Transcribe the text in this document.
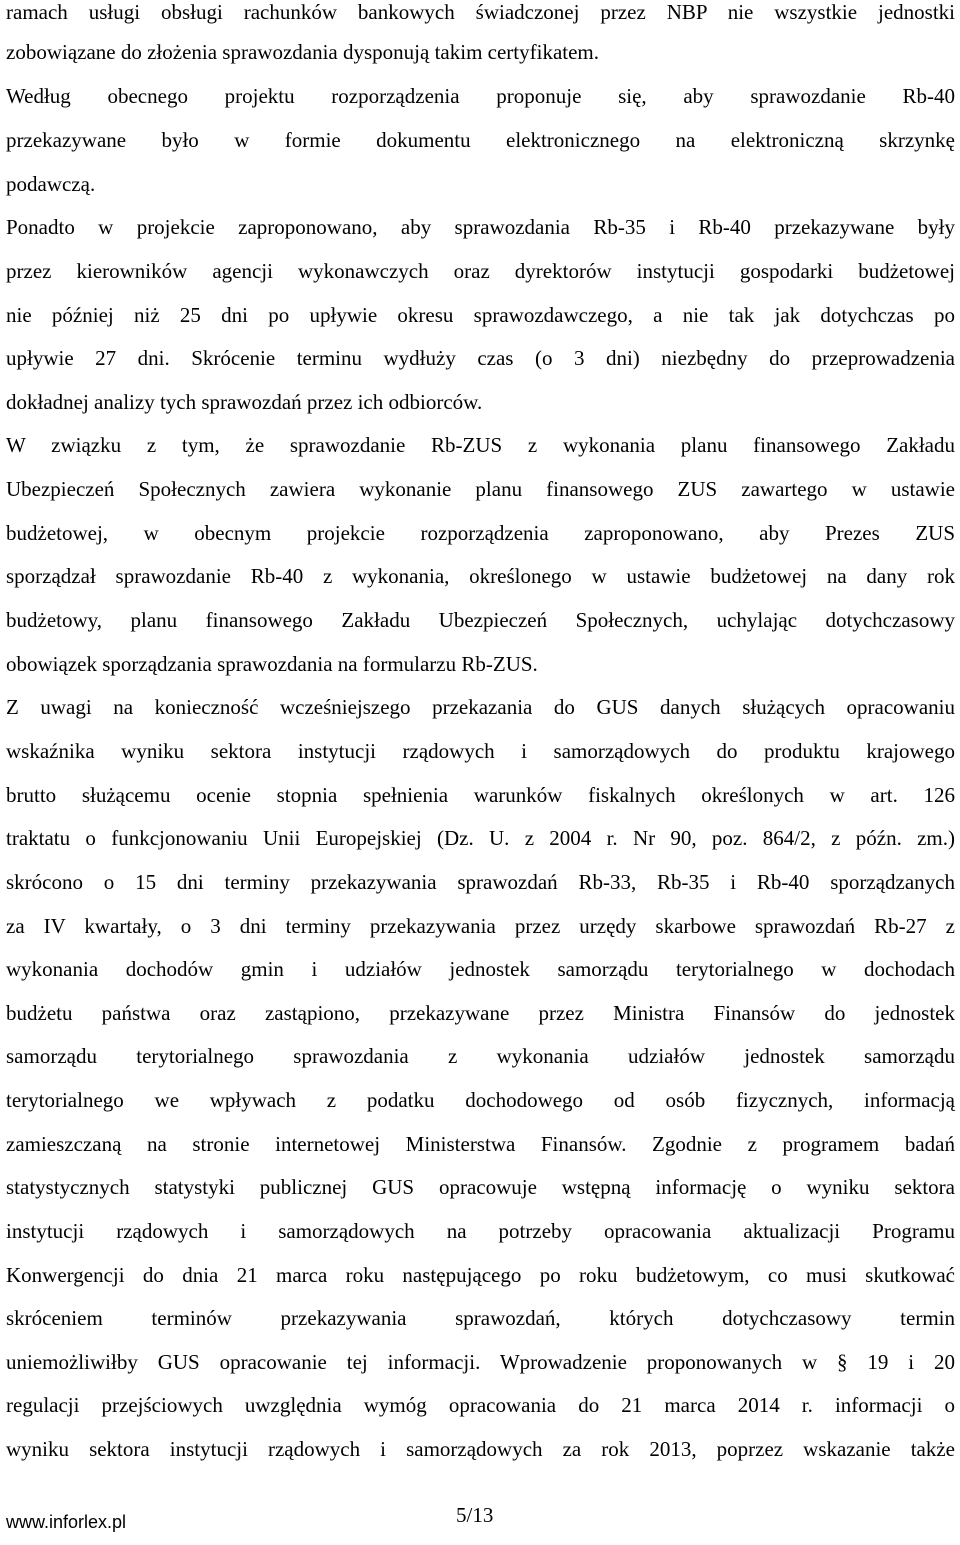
ramach usługi obsługi rachunków bankowych świadczonej przez NBP nie wszystkie jednostki
zobowiązane do złożenia sprawozdania dysponują takim certyfikatem.
Według obecnego projektu rozporządzenia proponuje się, aby sprawozdanie Rb-40
przekazywane było w formie dokumentu elektronicznego na elektroniczną skrzynkę
podawczą.
Ponadto w projekcie zaproponowano, aby sprawozdania Rb-35 i Rb-40 przekazywane były
przez kierowników agencji wykonawczych oraz dyrektorów instytucji gospodarki budżetowej
nie później niż 25 dni po upływie okresu sprawozdawczego, a nie tak jak dotychczas po
upływie 27 dni. Skrócenie terminu wydłuży czas (o 3 dni) niezbędny do przeprowadzenia
dokładnej analizy tych sprawozdań przez ich odbiorców.
W związku z tym, że sprawozdanie Rb-ZUS z wykonania planu finansowego Zakładu
Ubezpieczeń Społecznych zawiera wykonanie planu finansowego ZUS zawartego w ustawie
budżetowej, w obecnym projekcie rozporządzenia zaproponowano, aby Prezes ZUS
sporządzał sprawozdanie Rb-40 z wykonania, określonego w ustawie budżetowej na dany rok
budżetowy, planu finansowego Zakładu Ubezpieczeń Społecznych, uchylając dotychczasowy
obowiązek sporządzania sprawozdania na formularzu Rb-ZUS.
Z uwagi na konieczność wcześniejszego przekazania do GUS danych służących opracowaniu
wskaźnika wyniku sektora instytucji rządowych i samorządowych do produktu krajowego
brutto służącemu ocenie stopnia spełnienia warunków fiskalnych określonych w art. 126
traktatu o funkcjonowaniu Unii Europejskiej (Dz. U. z 2004 r. Nr 90, poz. 864/2, z późn. zm.)
skrócono o 15 dni terminy przekazywania sprawozdań Rb-33, Rb-35 i Rb-40 sporządzanych
za IV kwartały, o 3 dni terminy przekazywania przez urzędy skarbowe sprawozdań Rb-27 z
wykonania dochodów gmin i udziałów jednostek samorządu terytorialnego w dochodach
budżetu państwa oraz zastąpiono, przekazywane przez Ministra Finansów do jednostek
samorządu terytorialnego sprawozdania z wykonania udziałów jednostek samorządu
terytorialnego we wpływach z podatku dochodowego od osób fizycznych, informacją
zamieszczaną na stronie internetowej Ministerstwa Finansów. Zgodnie z programem badań
statystycznych statystyki publicznej GUS opracowuje wstępną informację o wyniku sektora
instytucji rządowych i samorządowych na potrzeby opracowania aktualizacji Programu
Konwergencji do dnia 21 marca roku następującego po roku budżetowym, co musi skutkować
skróceniem terminów przekazywania sprawozdań, których dotychczasowy termin
uniemożliwiłby GUS opracowanie tej informacji. Wprowadzenie proponowanych w § 19 i 20
regulacji przejściowych uwzględnia wymóg opracowania do 21 marca 2014 r. informacji o
wyniku sektora instytucji rządowych i samorządowych za rok 2013, poprzez wskazanie także
www.inforlex.pl	5/13
